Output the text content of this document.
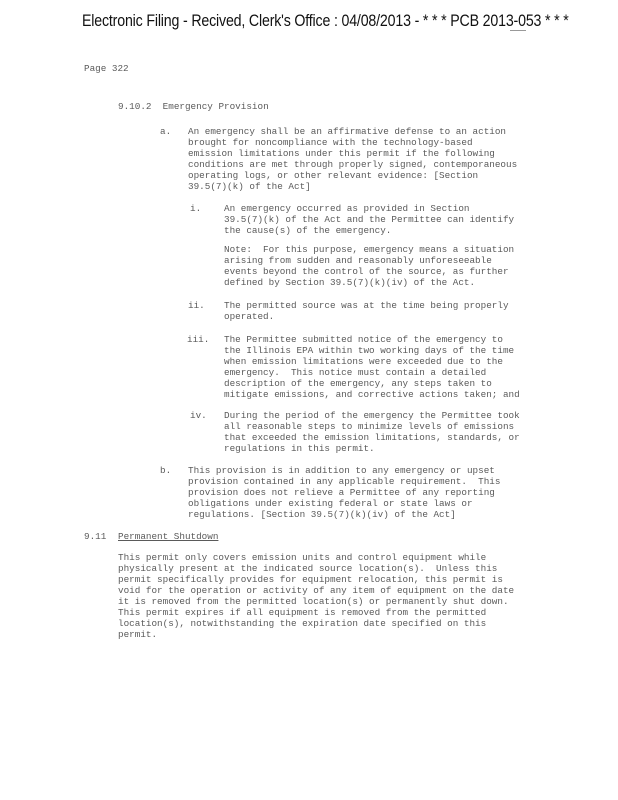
Electronic Filing - Recived, Clerk's Office : 04/08/2013 - * * * PCB 2013-053 * * *
Page 322
9.10.2 Emergency Provision
a. An emergency shall be an affirmative defense to an action
brought for noncompliance with the technology-based
emission limitations under this permit if the following
conditions are met through properly signed, contemporaneous
operating logs, or other relevant evidence: [Section
39.5(7)(k) of the Act]
i. An emergency occurred as provided in Section
39.5(7)(k) of the Act and the Permittee can identify
the cause(s) of the emergency.
Note:  For this purpose, emergency means a situation
arising from sudden and reasonably unforeseeable
events beyond the control of the source, as further
defined by Section 39.5(7)(k)(iv) of the Act.
ii. The permitted source was at the time being properly
operated.
iii. The Permittee submitted notice of the emergency to
the Illinois EPA within two working days of the time
when emission limitations were exceeded due to the
emergency.  This notice must contain a detailed
description of the emergency, any steps taken to
mitigate emissions, and corrective actions taken; and
iv. During the period of the emergency the Permittee took
all reasonable steps to minimize levels of emissions
that exceeded the emission limitations, standards, or
regulations in this permit.
b. This provision is in addition to any emergency or upset
provision contained in any applicable requirement.  This
provision does not relieve a Permittee of any reporting
obligations under existing federal or state laws or
regulations. [Section 39.5(7)(k)(iv) of the Act]
9.11 Permanent Shutdown
This permit only covers emission units and control equipment while
physically present at the indicated source location(s).  Unless this
permit specifically provides for equipment relocation, this permit is
void for the operation or activity of any item of equipment on the date
it is removed from the permitted location(s) or permanently shut down.
This permit expires if all equipment is removed from the permitted
location(s), notwithstanding the expiration date specified on this
permit.
